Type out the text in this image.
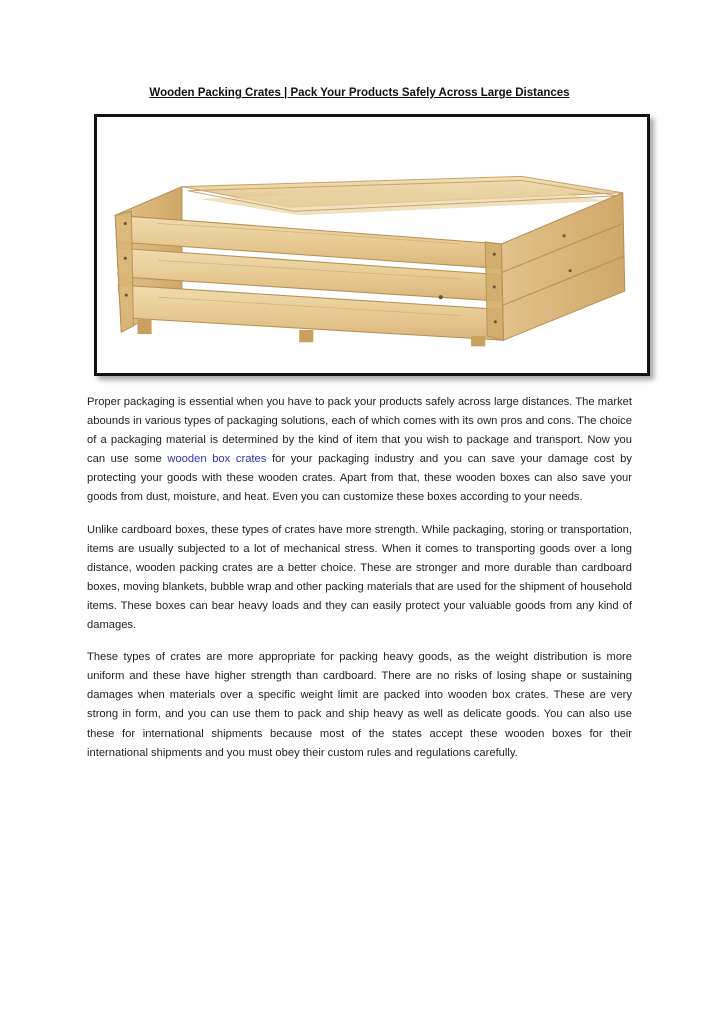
Wooden Packing Crates | Pack Your Products Safely Across Large Distances

Proper packaging is essential when you have to pack your products safely across large distances. The market abounds in various types of packaging solutions, each of which comes with its own pros and cons. The choice of a packaging material is determined by the kind of item that you wish to package and transport. Now you can use some wooden box crates for your packaging industry and you can save your damage cost by protecting your goods with these wooden crates. Apart from that, these wooden boxes can also save your goods from dust, moisture, and heat. Even you can customize these boxes according to your needs.

Unlike cardboard boxes, these types of crates have more strength. While packaging, storing or transportation, items are usually subjected to a lot of mechanical stress. When it comes to transporting goods over a long distance, wooden packing crates are a better choice. These are stronger and more durable than cardboard boxes, moving blankets, bubble wrap and other packing materials that are used for the shipment of household items. These boxes can bear heavy loads and they can easily protect your valuable goods from any kind of damages.

These types of crates are more appropriate for packing heavy goods, as the weight distribution is more uniform and these have higher strength than cardboard. There are no risks of losing shape or sustaining damages when materials over a specific weight limit are packed into wooden box crates. These are very strong in form, and you can use them to pack and ship heavy as well as delicate goods. You can also use these for international shipments because most of the states accept these wooden boxes for their international shipments and you must obey their custom rules and regulations carefully.
